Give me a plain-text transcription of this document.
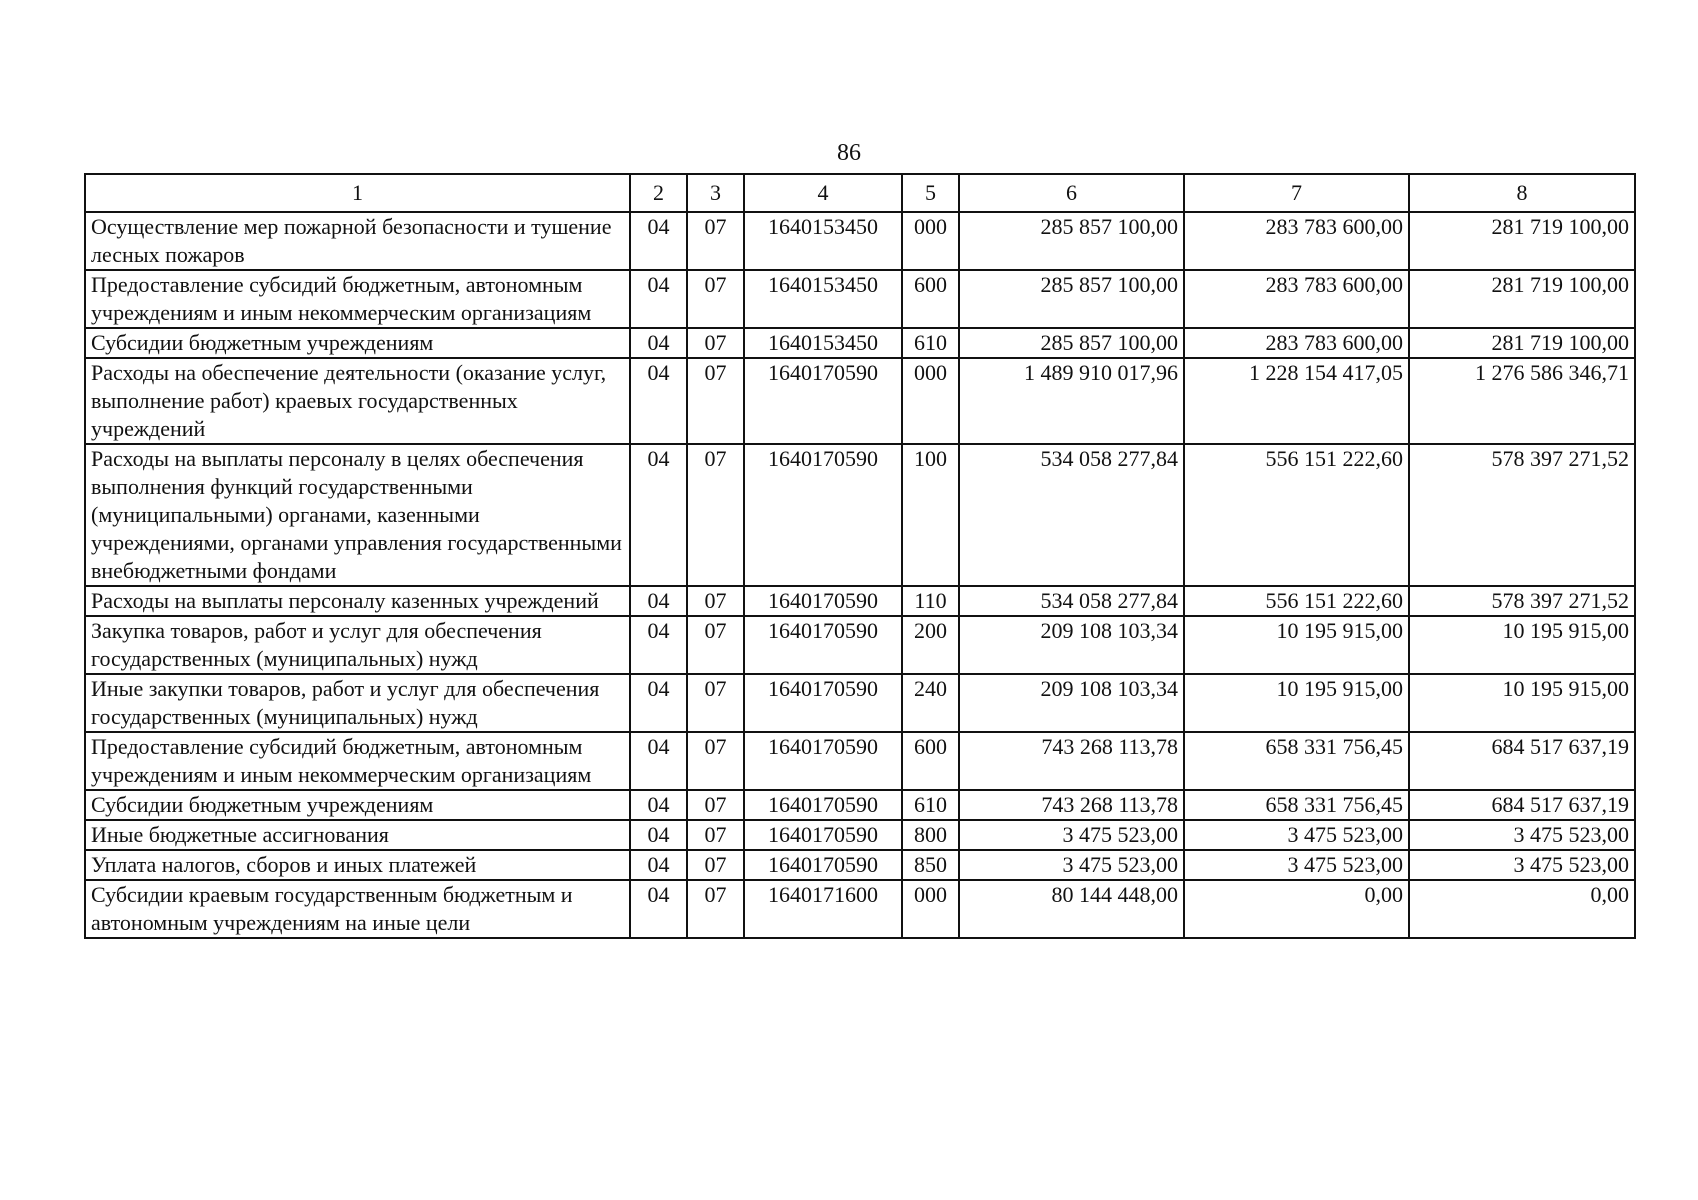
86
1	2	3	4	5	6	7	8
Осуществление мер пожарной безопасности и тушение лесных пожаров	04	07	1640153450	000	285 857 100,00	283 783 600,00	281 719 100,00
Предоставление субсидий бюджетным, автономным учреждениям и иным некоммерческим организациям	04	07	1640153450	600	285 857 100,00	283 783 600,00	281 719 100,00
Субсидии бюджетным учреждениям	04	07	1640153450	610	285 857 100,00	283 783 600,00	281 719 100,00
Расходы на обеспечение деятельности (оказание услуг, выполнение работ) краевых государственных учреждений	04	07	1640170590	000	1 489 910 017,96	1 228 154 417,05	1 276 586 346,71
Расходы на выплаты персоналу в целях обеспечения выполнения функций государственными (муниципальными) органами, казенными учреждениями, органами управления государственными внебюджетными фондами	04	07	1640170590	100	534 058 277,84	556 151 222,60	578 397 271,52
Расходы на выплаты персоналу казенных учреждений	04	07	1640170590	110	534 058 277,84	556 151 222,60	578 397 271,52
Закупка товаров, работ и услуг для обеспечения государственных (муниципальных) нужд	04	07	1640170590	200	209 108 103,34	10 195 915,00	10 195 915,00
Иные закупки товаров, работ и услуг для обеспечения государственных (муниципальных) нужд	04	07	1640170590	240	209 108 103,34	10 195 915,00	10 195 915,00
Предоставление субсидий бюджетным, автономным учреждениям и иным некоммерческим организациям	04	07	1640170590	600	743 268 113,78	658 331 756,45	684 517 637,19
Субсидии бюджетным учреждениям	04	07	1640170590	610	743 268 113,78	658 331 756,45	684 517 637,19
Иные бюджетные ассигнования	04	07	1640170590	800	3 475 523,00	3 475 523,00	3 475 523,00
Уплата налогов, сборов и иных платежей	04	07	1640170590	850	3 475 523,00	3 475 523,00	3 475 523,00
Субсидии краевым государственным бюджетным и автономным учреждениям на иные цели	04	07	1640171600	000	80 144 448,00	0,00	0,00
